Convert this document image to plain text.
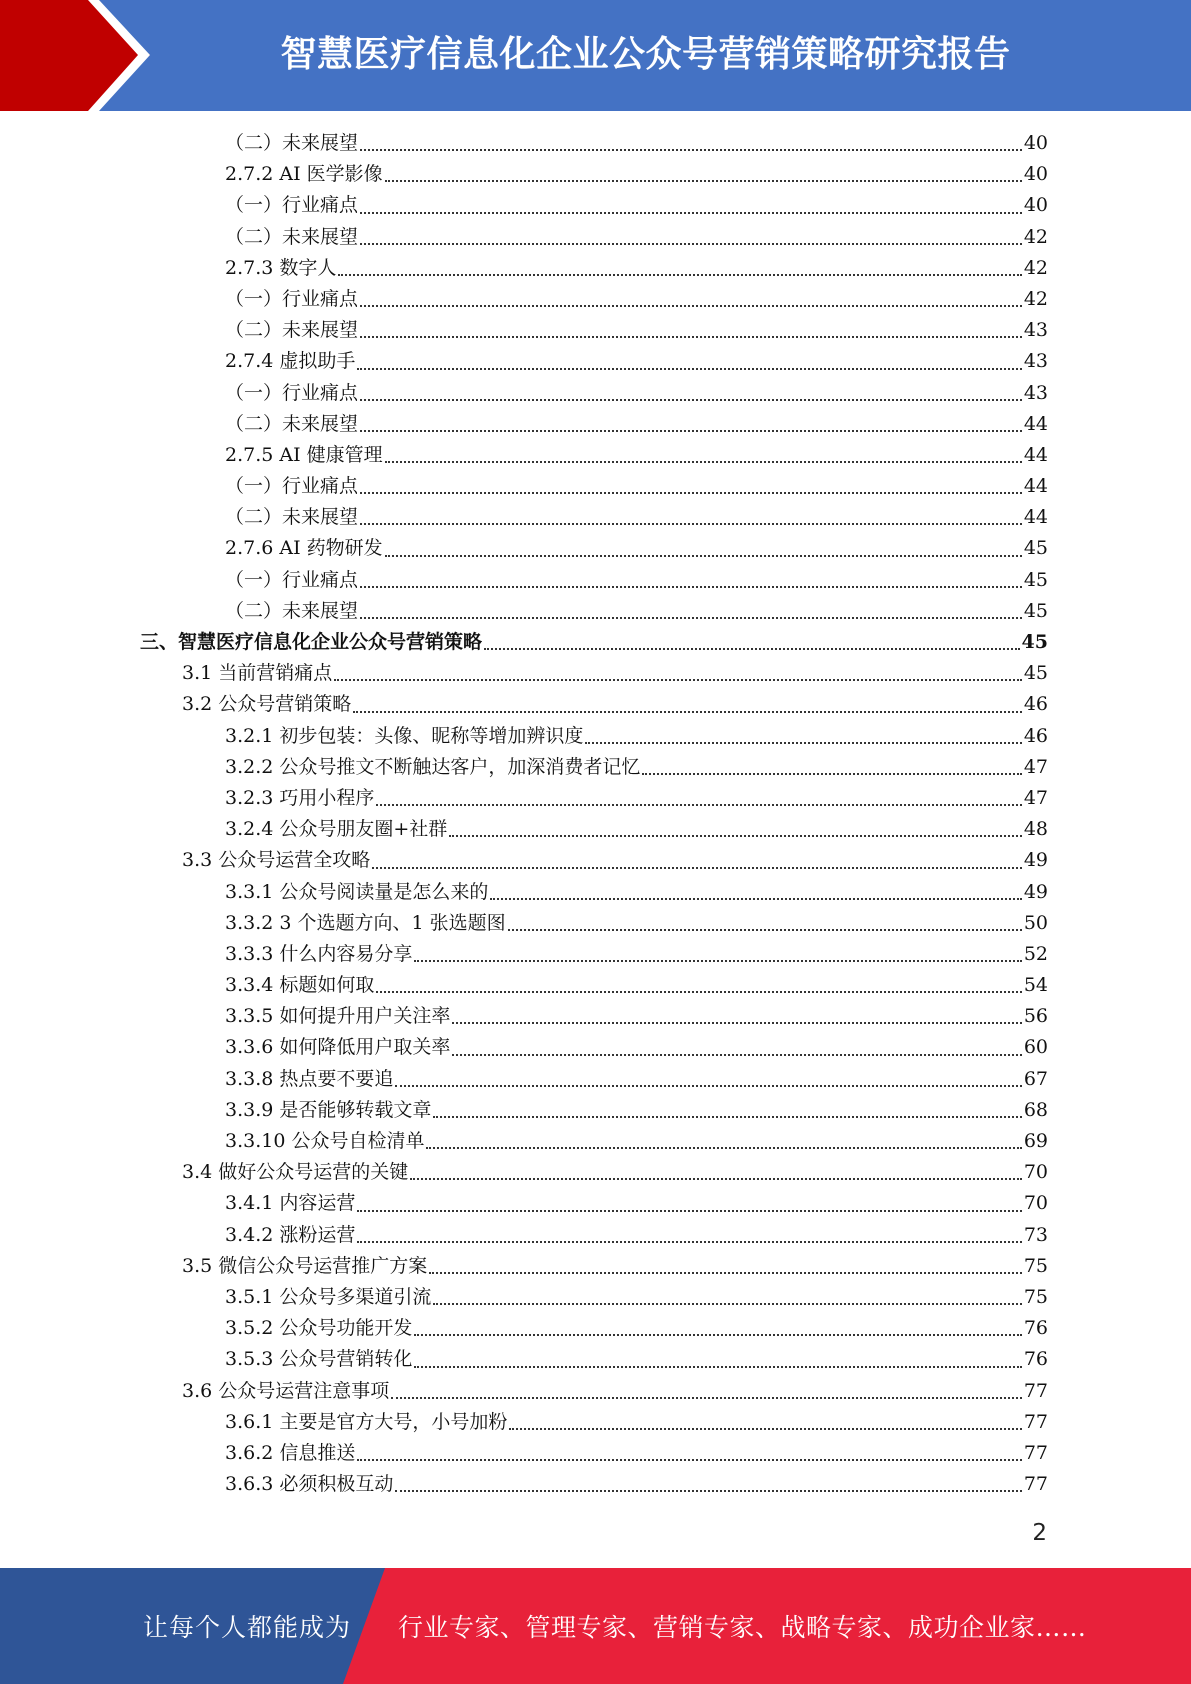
智慧医疗信息化企业公众号营销策略研究报告
（二）未来展望	40
2.7.2 AI 医学影像	40
（一）行业痛点	40
（二）未来展望	42
2.7.3 数字人	42
（一）行业痛点	42
（二）未来展望	43
2.7.4 虚拟助手	43
（一）行业痛点	43
（二）未来展望	44
2.7.5 AI 健康管理	44
（一）行业痛点	44
（二）未来展望	44
2.7.6 AI 药物研发	45
（一）行业痛点	45
（二）未来展望	45
三、智慧医疗信息化企业公众号营销策略	45
3.1 当前营销痛点	45
3.2 公众号营销策略	46
3.2.1 初步包装：头像、昵称等增加辨识度	46
3.2.2 公众号推文不断触达客户，加深消费者记忆	47
3.2.3 巧用小程序	47
3.2.4 公众号朋友圈+社群	48
3.3 公众号运营全攻略	49
3.3.1 公众号阅读量是怎么来的	49
3.3.2 3 个选题方向、1 张选题图	50
3.3.3 什么内容易分享	52
3.3.4 标题如何取	54
3.3.5 如何提升用户关注率	56
3.3.6 如何降低用户取关率	60
3.3.8 热点要不要追	67
3.3.9 是否能够转载文章	68
3.3.10 公众号自检清单	69
3.4 做好公众号运营的关键	70
3.4.1 内容运营	70
3.4.2 涨粉运营	73
3.5 微信公众号运营推广方案	75
3.5.1 公众号多渠道引流	75
3.5.2 公众号功能开发	76
3.5.3 公众号营销转化	76
3.6 公众号运营注意事项	77
3.6.1 主要是官方大号，小号加粉	77
3.6.2 信息推送	77
3.6.3 必须积极互动	77
2
让每个人都能成为 行业专家、管理专家、营销专家、战略专家、成功企业家……
